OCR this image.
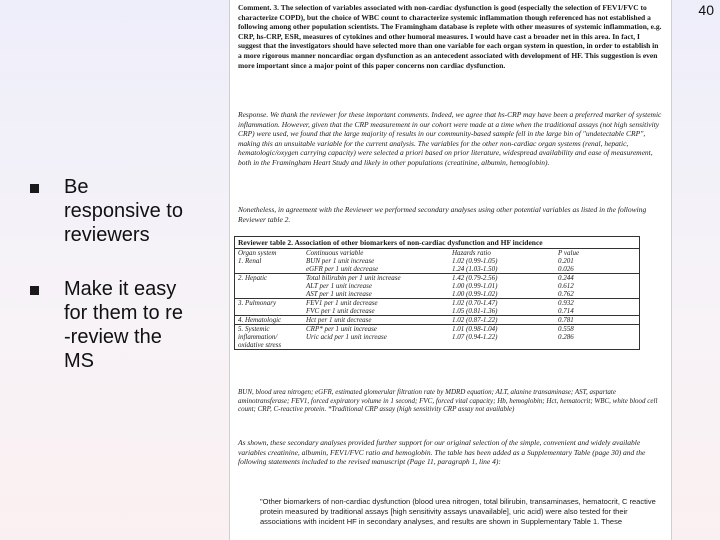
40
Be
responsive to
reviewers
Make it easy
for them to re
-review the
MS
Comment. 3. The selection of variables associated with non-cardiac dysfunction is good (especially the selection of FEV1/FVC to characterize COPD), but the choice of WBC count to characterize systemic inflammation though referenced has not established a following among other population scientists. The Framingham database is replete with other measures of systemic inflammation, e.g. CRP, hs-CRP, ESR, measures of cytokines and other humoral measures. I would have cast a broader net in this area. In fact, I suggest that the investigators should have selected more than one variable for each organ system in question, in order to establish in a more rigorous manner noncardiac organ dysfunction as an antecedent associated with development of HF. This suggestion is even more important since a major point of this paper concerns non cardiac dysfunction.
Response. We thank the reviewer for these important comments. Indeed, we agree that hs-CRP may have been a preferred marker of systemic inflammation. However, given that the CRP measurement in our cohort were made at a time when the traditional assays (not high sensitivity CRP) were used, we found that the large majority of results in our community-based sample fell in the large bin of "undetectable CRP", making this an unsuitable variable for the current analysis. The variables for the other non-cardiac organ systems (renal, hepatic, hematologic/oxygen carrying capacity) were selected a priori based on prior literature, widespread availability and ease of measurement, both in the Framingham Heart Study and likely in other populations (creatinine, albumin, hemoglobin).
Nonetheless, in agreement with the Reviewer we performed secondary analyses using other potential variables as listed in the following Reviewer table 2.
Reviewer table 2. Association of other biomarkers of non-cardiac dysfunction and HF incidence
Organ system	Continuous variable	Hazards ratio	P value
1. Renal	BUN per 1 unit increase	1.02 (0.99-1.05)	0.201
	eGFR per 1 unit decrease	1.24 (1.03-1.50)	0.026
2. Hepatic	Total bilirubin per 1 unit increase	1.42 (0.79-2.56)	0.244
	ALT per 1 unit increase	1.00 (0.99-1.01)	0.612
	AST per 1 unit increase	1.00 (0.99-1.02)	0.762
3. Pulmonary	FEV1 per 1 unit decrease	1.02 (0.70-1.47)	0.932
	FVC per 1 unit decrease	1.05 (0.81-1.36)	0.714
4. Hematologic	Hct per 1 unit decrease	1.02 (0.87-1.22)	0.781
5. Systemic	CRP* per 1 unit increase	1.01 (0.98-1.04)	0.558
inflammation/	Uric acid per 1 unit increase	1.07 (0.94-1.22)	0.286
oxidative stress			
BUN, blood urea nitrogen; eGFR, estimated glomerular filtration rate by MDRD equation; ALT, alanine transaminase; AST, aspartate aminotransferase; FEV1, forced expiratory volume in 1 second; FVC, forced vital capacity; Hb, hemoglobin; Hct, hematocrit; WBC, white blood cell count; CRP, C-reactive protein. *Traditional CRP assay (high sensitivity CRP assay not available)
As shown, these secondary analyses provided further support for our original selection of the simple, convenient and widely available variables creatinine, albumin, FEV1/FVC ratio and hemoglobin. The table has been added as a Supplementary Table (page 30) and the following statements included to the revised manuscript (Page 11, paragraph 1, line 4):
"Other biomarkers of non-cardiac dysfunction (blood urea nitrogen, total bilirubin, transaminases, hematocrit, C reactive protein measured by traditional assays [high sensitivity assays unavailable], uric acid) were also tested for their associations with incident HF in secondary analyses, and results are shown in Supplementary Table 1. These
